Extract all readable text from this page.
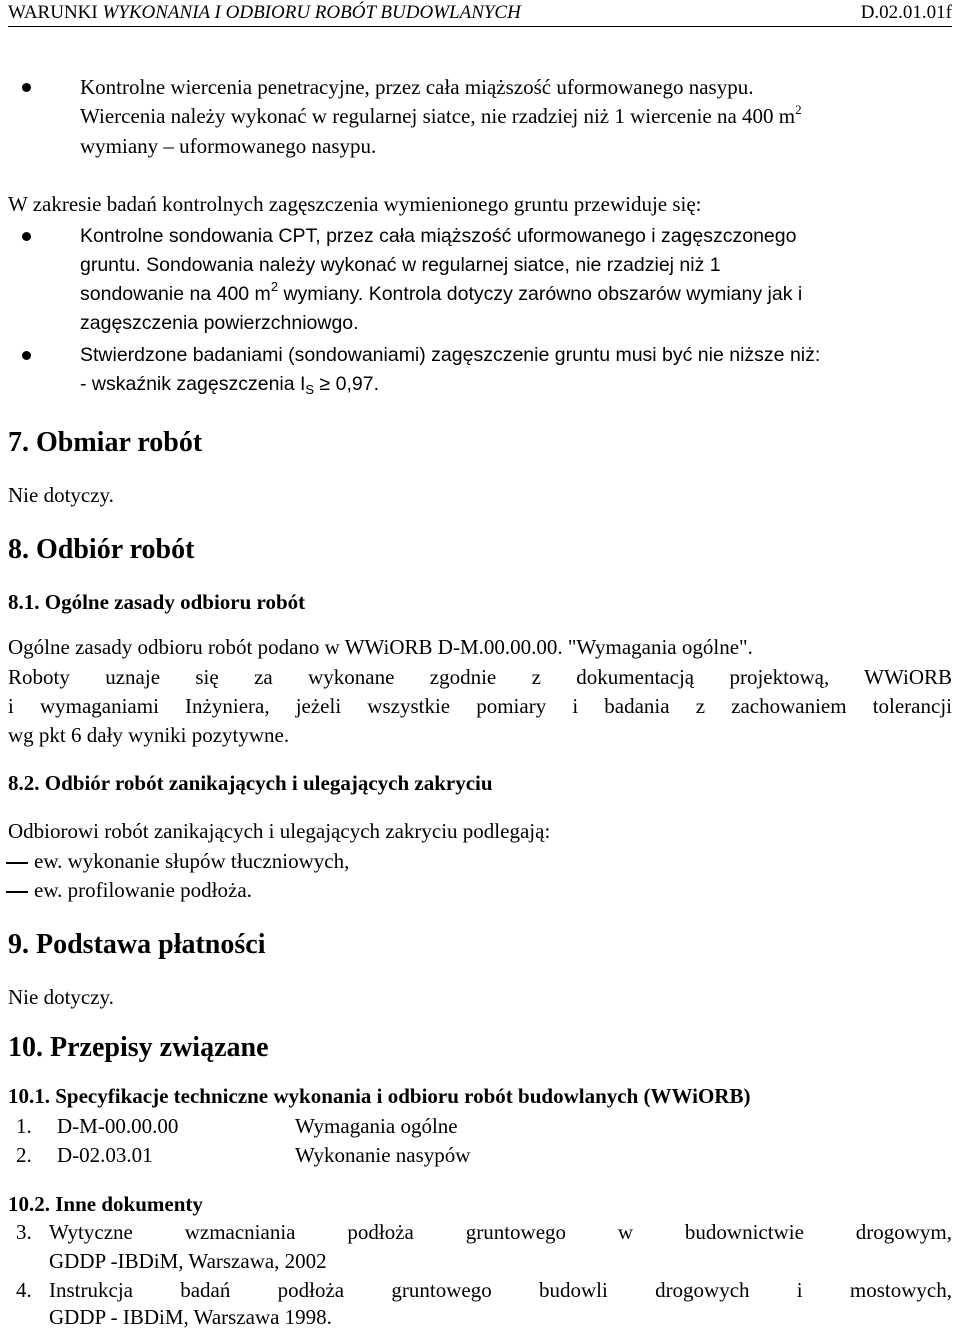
WARUNKI WYKONANIA I ODBIORU ROBÓT BUDOWLANYCH	D.02.01.01f
Kontrolne wiercenia penetracyjne, przez cała miąższość uformowanego nasypu.
Wiercenia należy wykonać w regularnej siatce, nie rzadziej niż 1 wiercenie na 400 $m^2$
wymiany – uformowanego nasypu.
W zakresie badań kontrolnych zagęszczenia wymienionego gruntu przewiduje się:
Kontrolne sondowania CPT, przez cała miąższość uformowanego i zagęszczonego
gruntu. Sondowania należy wykonać w regularnej siatce, nie rzadziej niż 1
sondowanie na 400 $m^2$ wymiany. Kontrola dotyczy zarówno obszarów wymiany jak i
zagęszczenia powierzchniowgo.
Stwierdzone badaniami (sondowaniami) zagęszczenie gruntu musi być nie niższe niż:
- wskaźnik zagęszczenia $I_S \ge 0,97$.
7. Obmiar robót
Nie dotyczy.
8. Odbiór robót
8.1. Ogólne zasady odbioru robót
Ogólne zasady odbioru robót podano w WWiORB D-M.00.00.00. "Wymagania ogólne".
Roboty uznaje się za wykonane zgodnie z dokumentacją projektową, WWiORB
i wymaganiami Inżyniera, jeżeli wszystkie pomiary i badania z zachowaniem tolerancji
wg pkt 6 dały wyniki pozytywne.
8.2. Odbiór robót zanikających i ulegających zakryciu
Odbiorowi robót zanikających i ulegających zakryciu podlegają:
ew. wykonanie słupów tłuczniowych,
ew. profilowanie podłoża.
9. Podstawa płatności
Nie dotyczy.
10. Przepisy związane
10.1. Specyfikacje techniczne wykonania i odbioru robót budowlanych (WWiORB)
1. D-M-00.00.00	Wymagania ogólne
2. D-02.03.01	Wykonanie nasypów
10.2. Inne dokumenty
3. Wytyczne wzmacniania podłoża gruntowego w budownictwie drogowym,
GDDP -IBDiM, Warszawa, 2002
4. Instrukcja badań podłoża gruntowego budowli drogowych i mostowych,
GDDP - IBDiM, Warszawa 1998.
